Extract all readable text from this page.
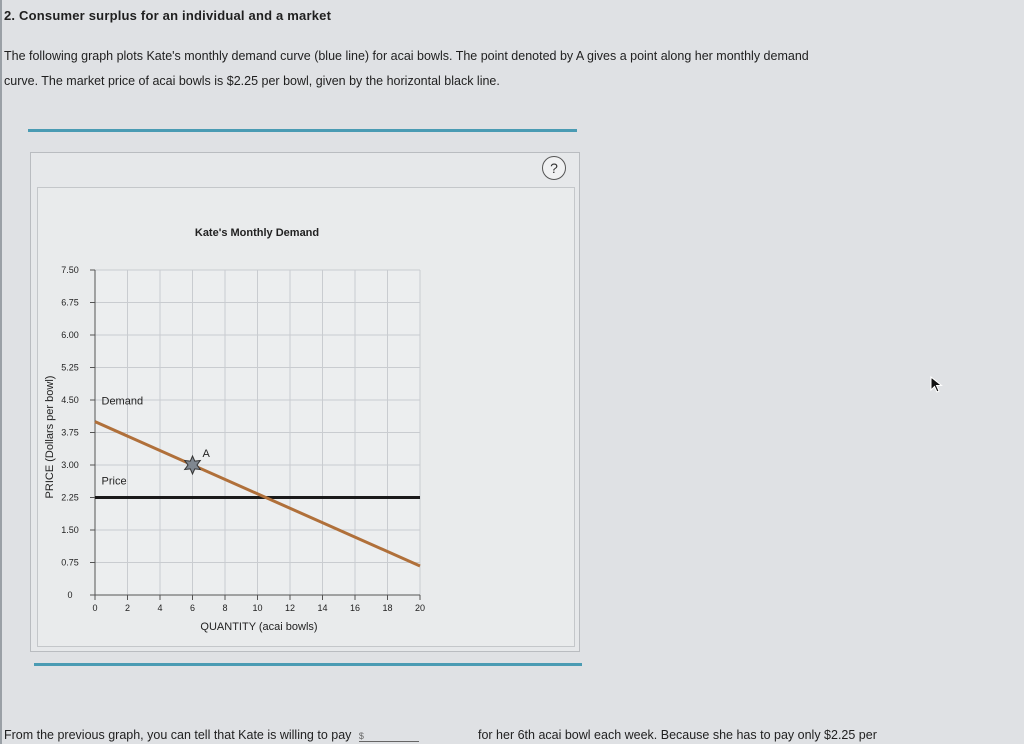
2. Consumer surplus for an individual and a market
The following graph plots Kate's monthly demand curve (blue line) for acai bowls. The point denoted by A gives a point along her monthly demand
curve. The market price of acai bowls is $2.25 per bowl, given by the horizontal black line.
?
0
0.75
1.50
2.25
3.00
3.75
4.50
5.25
6.00
6.75
7.50
0	2	4	6	8	10 12 14 16 18 20
Kate's Monthly Demand
QUANTITY (acai bowls)
PRICE (Dollars per bowl)	Demand
Price
A
From the previous graph, you can tell that Kate is willing to pay $	for her 6th acai bowl each week. Because she has to pay only $2.25 per
